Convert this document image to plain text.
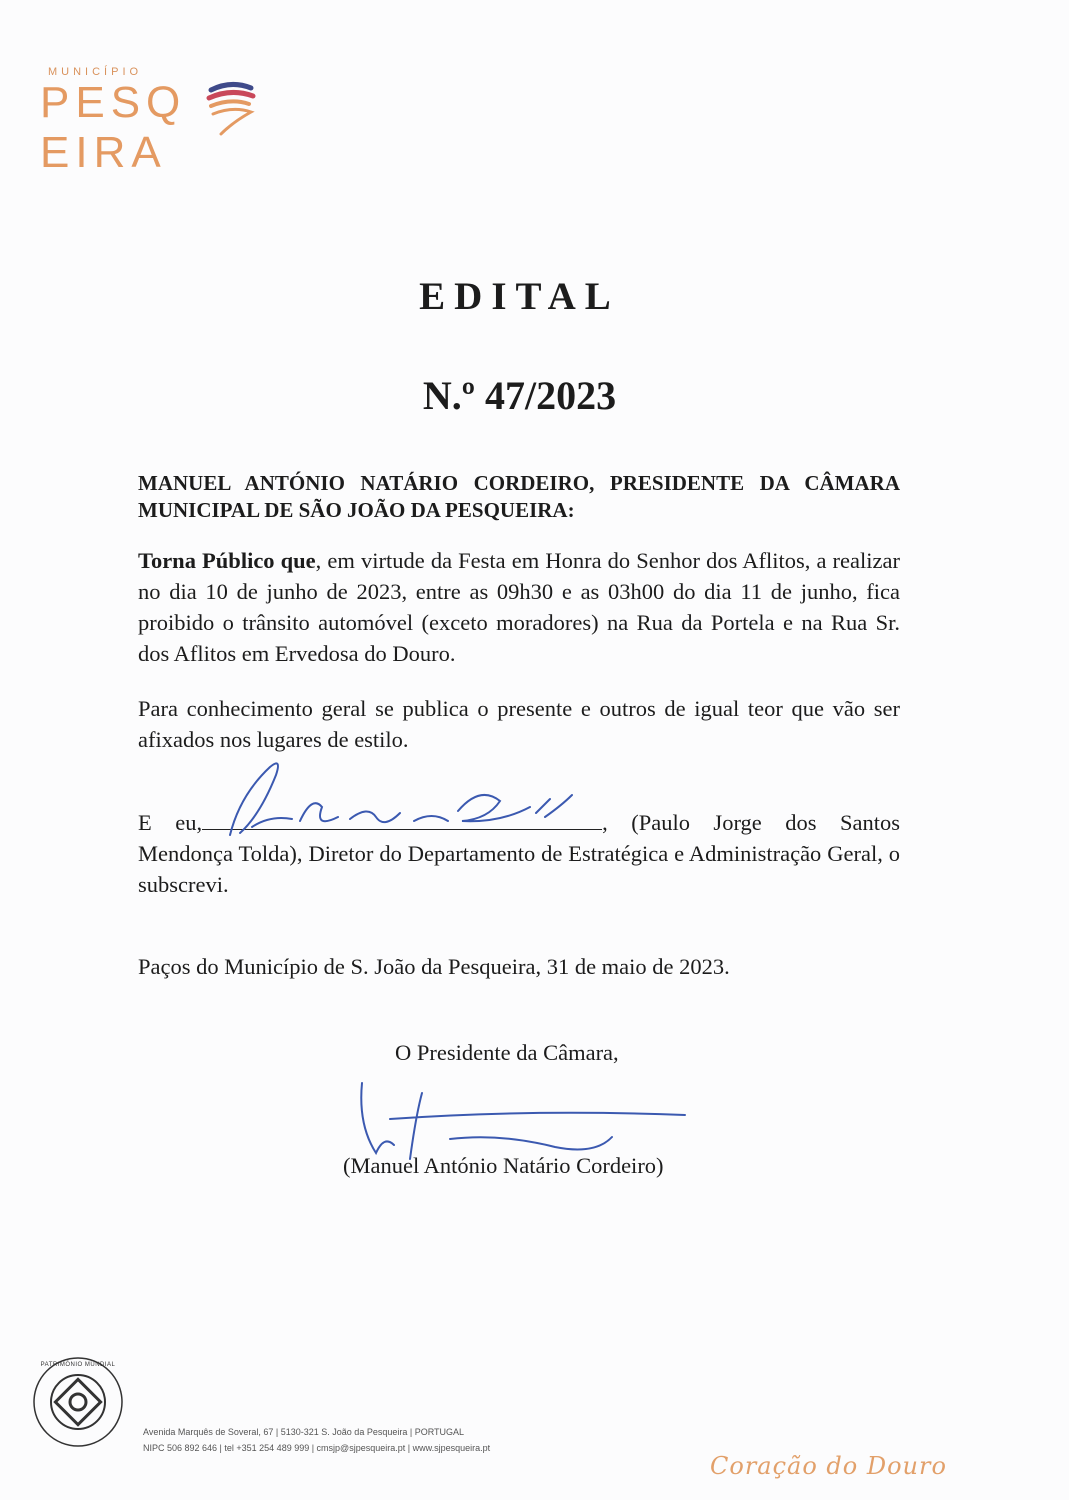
MUNICÍPIO
PESQEIRA
EDITAL
N.º 47/2023
MANUEL ANTÓNIO NATÁRIO CORDEIRO, PRESIDENTE DA CÂMARA MUNICIPAL DE SÃO JOÃO DA PESQUEIRA:
Torna Público que, em virtude da Festa em Honra do Senhor dos Aflitos, a realizar no dia 10 de junho de 2023, entre as 09h30 e as 03h00 do dia 11 de junho, fica proibido o trânsito automóvel (exceto moradores) na Rua da Portela e na Rua Sr. dos Aflitos em Ervedosa do Douro.
Para conhecimento geral se publica o presente e outros de igual teor que vão ser afixados nos lugares de estilo.
E eu,	, (Paulo Jorge dos Santos Mendonça Tolda), Diretor do Departamento de Estratégica e Administração Geral, o subscrevi.
Paços do Município de S. João da Pesqueira, 31 de maio de 2023.
O Presidente da Câmara,
(Manuel António Natário Cordeiro)
PATRIMÓNIO MUNDIAL
Avenida Marquês de Soveral, 67 | 5130-321 S. João da Pesqueira | PORTUGAL
NIPC 506 892 646 | tel +351 254 489 999 | cmsjp@sjpesqueira.pt | www.sjpesqueira.pt
Coração do Douro
